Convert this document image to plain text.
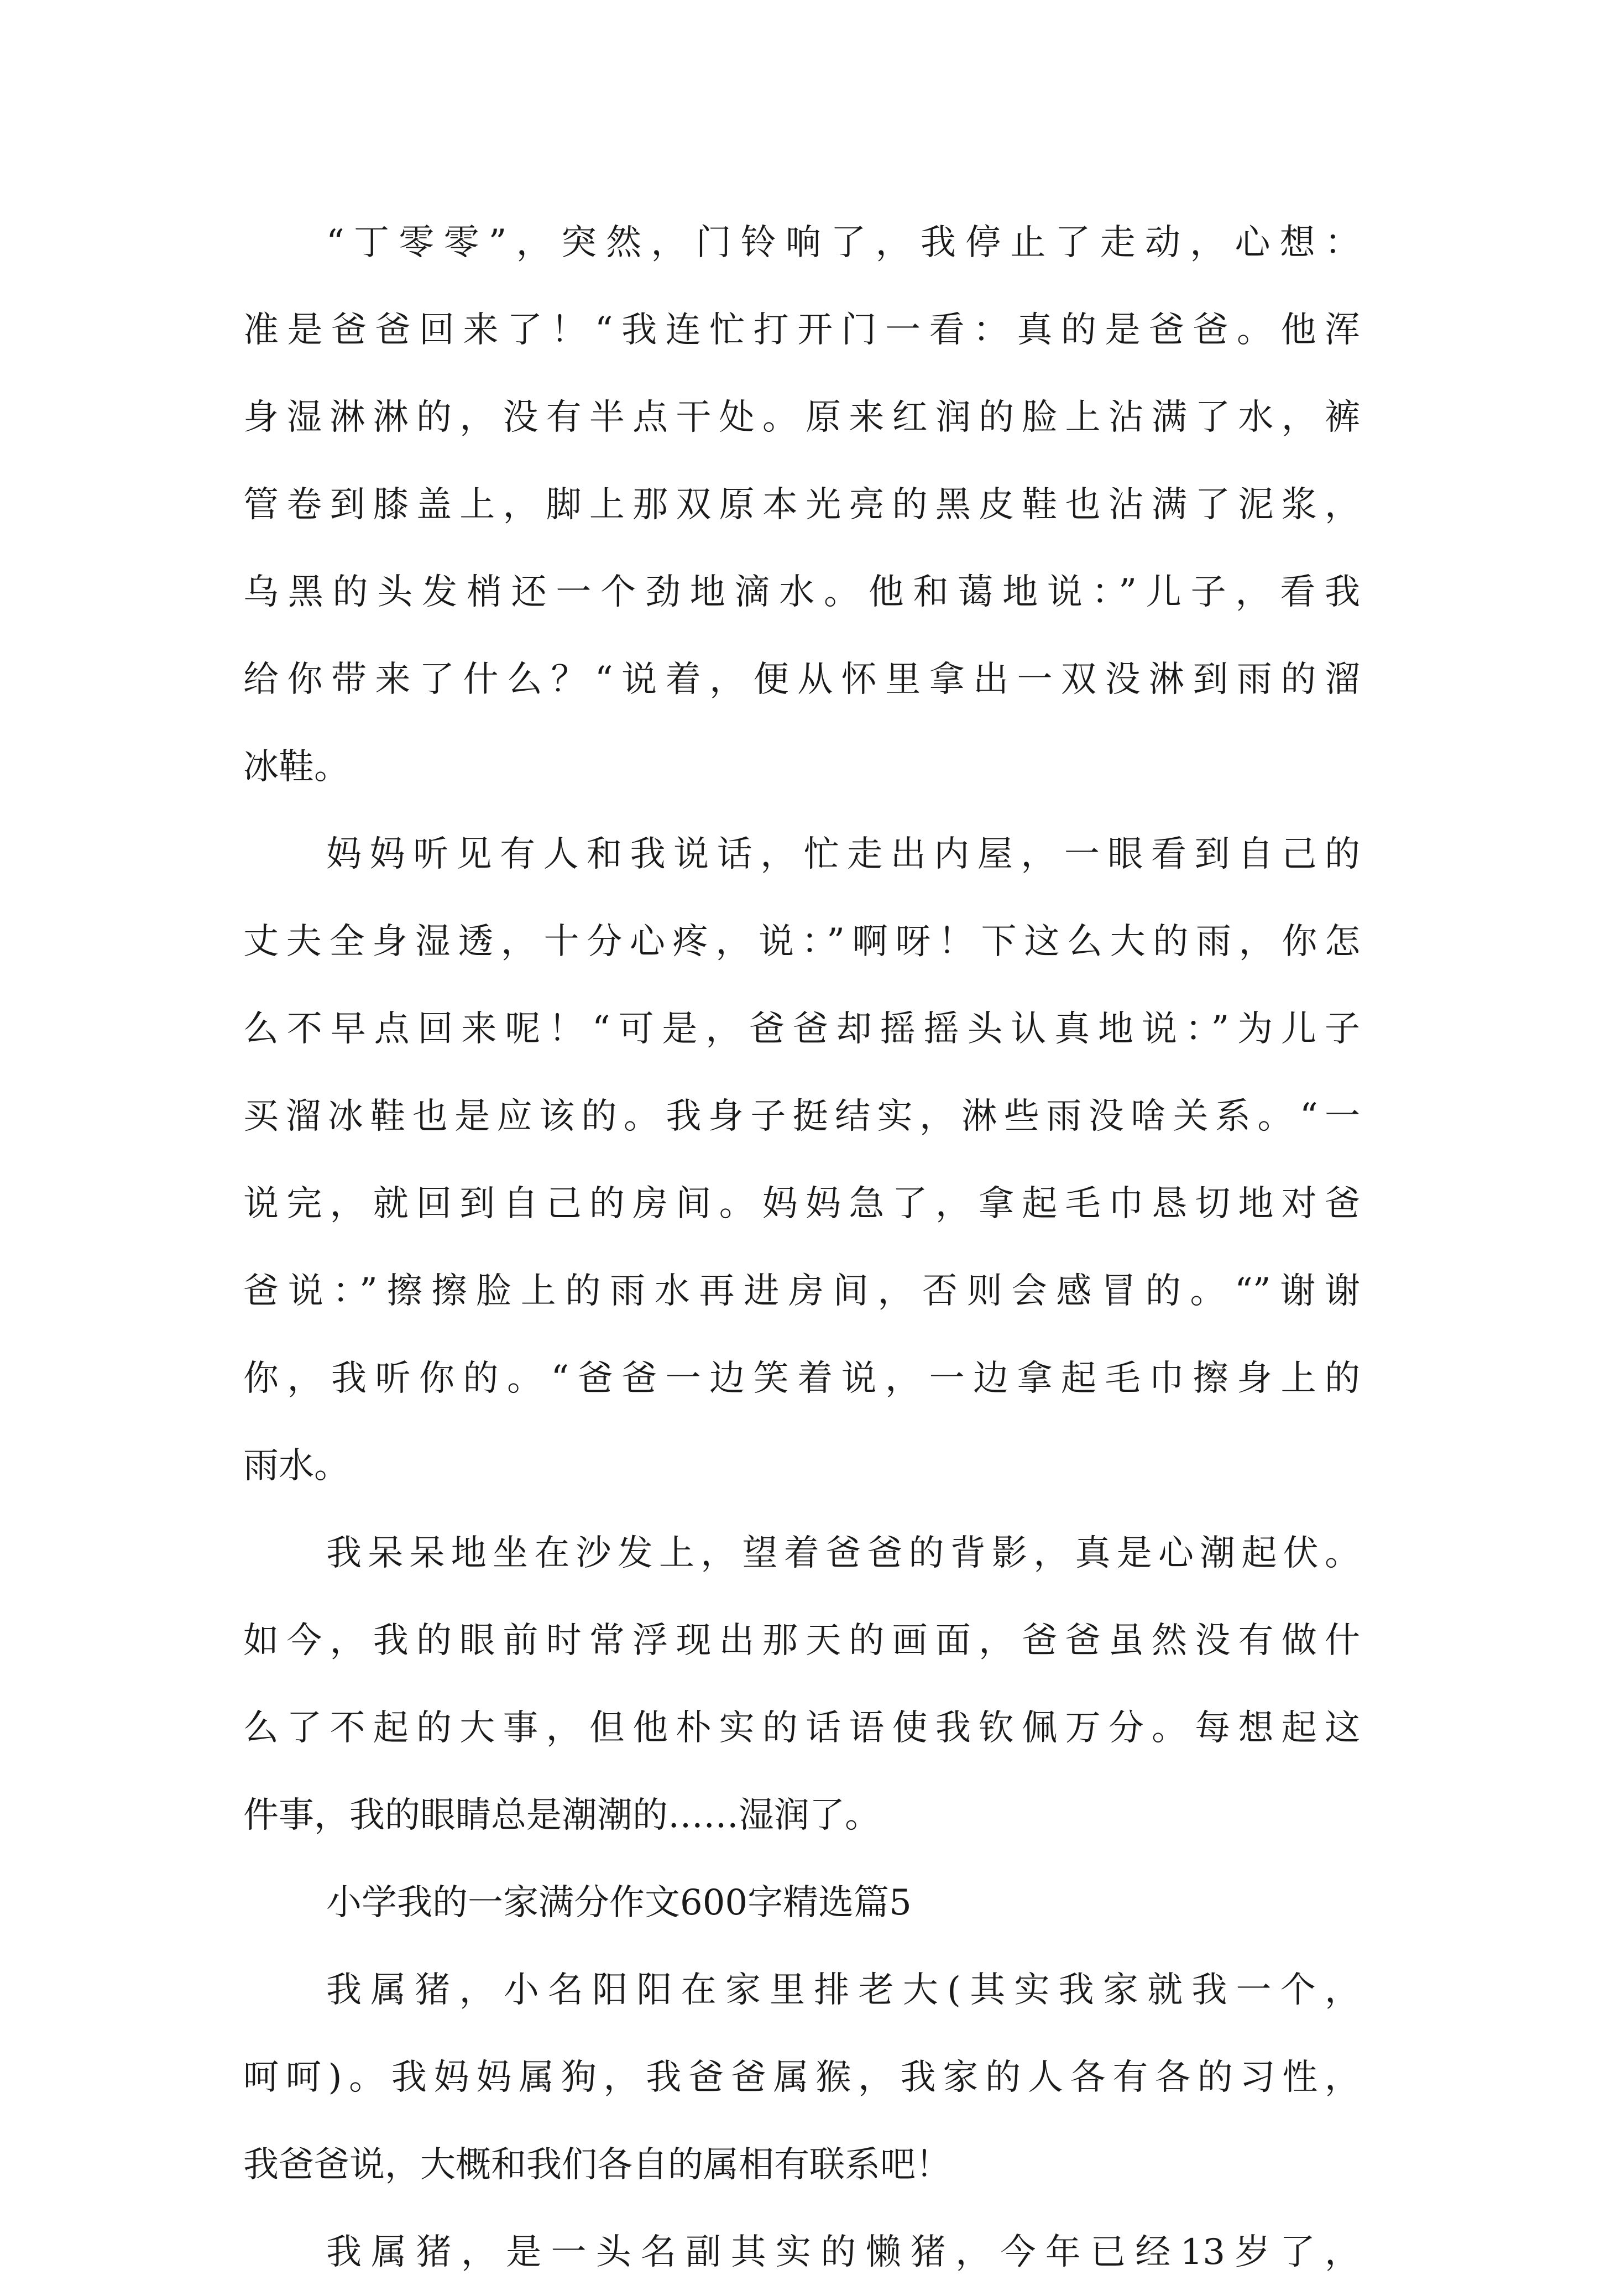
“丁零零”，突然，门铃响了，我停止了走动，心想：
准是爸爸回来了！“我连忙打开门一看：真的是爸爸。他浑
身湿淋淋的，没有半点干处。原来红润的脸上沾满了水，裤
管卷到膝盖上，脚上那双原本光亮的黑皮鞋也沾满了泥浆，
乌黑的头发梢还一个劲地滴水。他和蔼地说：”儿子，看我
给你带来了什么？“说着，便从怀里拿出一双没淋到雨的溜
冰鞋。
妈妈听见有人和我说话，忙走出内屋，一眼看到自己的
丈夫全身湿透，十分心疼，说：”啊呀！下这么大的雨，你怎
么不早点回来呢！“可是，爸爸却摇摇头认真地说：”为儿子
买溜冰鞋也是应该的。我身子挺结实，淋些雨没啥关系。“一
说完，就回到自己的房间。妈妈急了，拿起毛巾恳切地对爸
爸说：”擦擦脸上的雨水再进房间，否则会感冒的。“”谢谢
你，我听你的。“爸爸一边笑着说，一边拿起毛巾擦身上的
雨水。
我呆呆地坐在沙发上，望着爸爸的背影，真是心潮起伏。
如今，我的眼前时常浮现出那天的画面，爸爸虽然没有做什
么了不起的大事，但他朴实的话语使我钦佩万分。每想起这
件事，我的眼睛总是潮潮的……湿润了。
小学我的一家满分作文600字精选篇5
我属猪，小名阳阳在家里排老大(其实我家就我一个，
呵呵)。我妈妈属狗，我爸爸属猴，我家的人各有各的习性，
我爸爸说，大概和我们各自的属相有联系吧！
我属猪，是一头名副其实的懒猪，今年已经13岁了，
